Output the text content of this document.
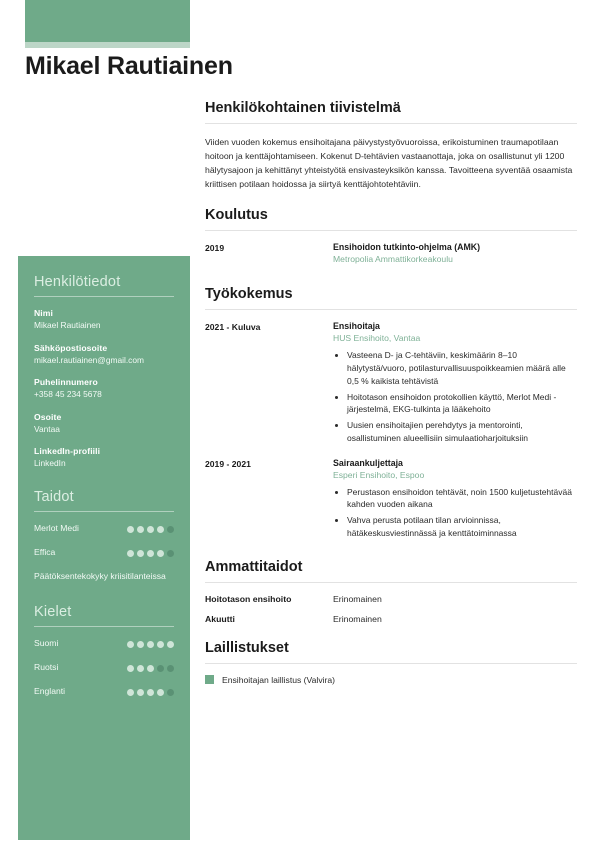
Mikael Rautiainen
Henkilötiedot
Nimi
Mikael Rautiainen
Sähköpostiosoite
mikael.rautiainen@gmail.com
Puhelinnumero
+358 45 234 5678
Osoite
Vantaa
LinkedIn-profiili
LinkedIn
Taidot
Merlot Medi
Effica
Päätöksentekokyky kriisitilanteissa
Kielet
Suomi
Ruotsi
Englanti
Henkilökohtainen tiivistelmä

Viiden vuoden kokemus ensihoitajana päivystystyövuoroissa, erikoistuminen traumapotilaan hoitoon ja kenttäjohtamiseen. Kokenut D-tehtävien vastaanottaja, joka on osallistunut yli 1200 hälytysajoon ja kehittänyt yhteistyötä ensivasteyksikön kanssa. Tavoitteena syventää osaamista kriittisen potilaan hoidossa ja siirtyä kenttäjohtotehtäviin.

Koulutus
2019	Ensihoidon tutkinto-ohjelma (AMK)
Metropolia Ammattikorkeakoulu
Työkokemus
2021 - Kuluva	Ensihoitaja
HUS Ensihoito, Vantaa
• Vasteena D- ja C-tehtäviin, keskimäärin 8–10 hälytystä/vuoro, potilasturvallisuuspoikkeamien määrä alle 0,5 % kaikista tehtävistä
• Hoitotason ensihoidon protokollien käyttö, Merlot Medi -järjestelmä, EKG-tulkinta ja lääkehoito
• Uusien ensihoitajien perehdytys ja mentorointi, osallistuminen alueellisiin simulaatioharjoituksiin
2019 - 2021	Sairaankuljettaja
Esperi Ensihoito, Espoo
• Perustason ensihoidon tehtävät, noin 1500 kuljetustehtävää kahden vuoden aikana
• Vahva perusta potilaan tilan arvioinnissa, hätäkeskusviestinnässä ja kenttätoiminnassa
Ammattitaidot
Hoitotason ensihoito	Erinomainen
Akuutti	Erinomainen
Laillistukset
Ensihoitajan laillistus (Valvira)
